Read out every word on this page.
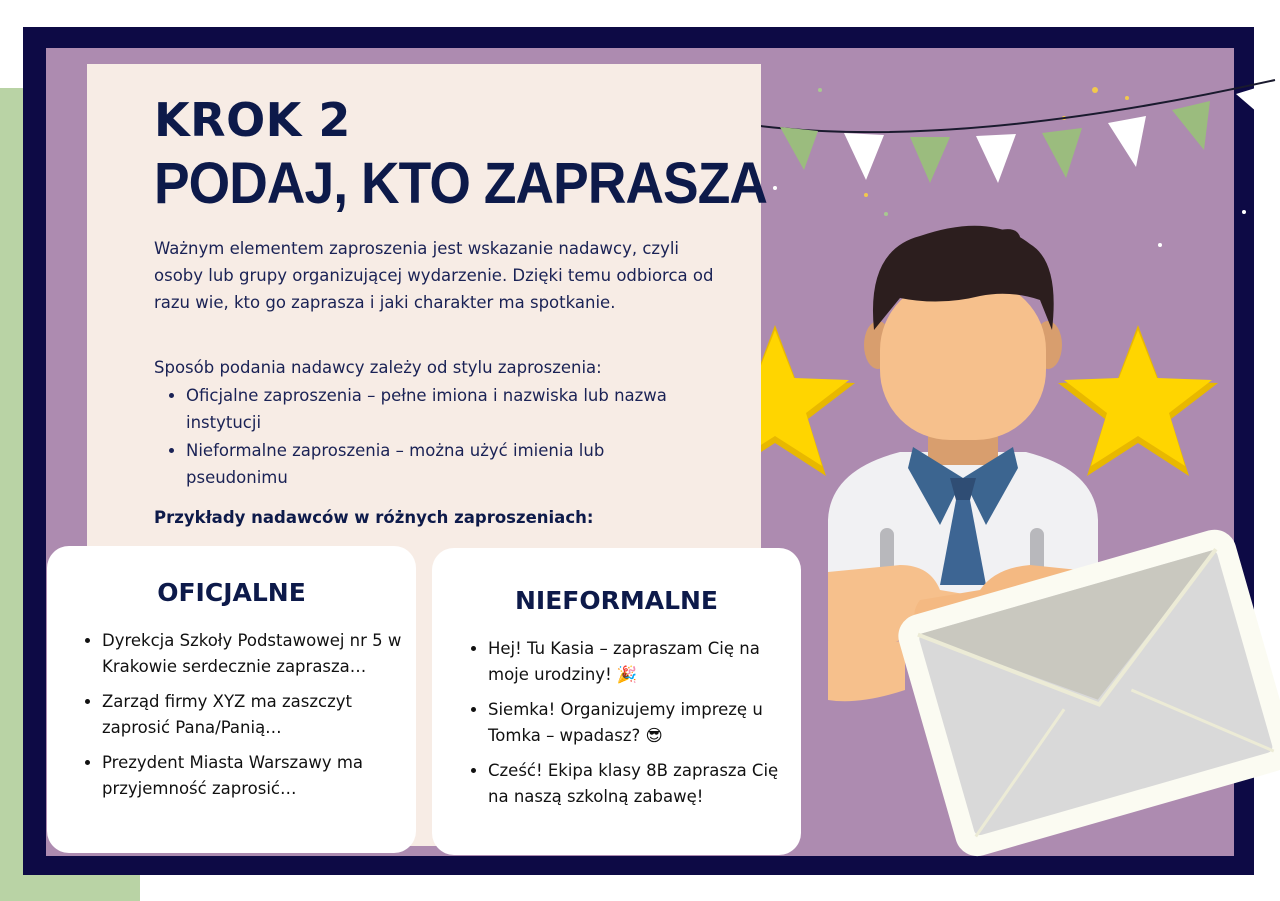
KROK 2
PODAJ, KTO ZAPRASZA

Ważnym elementem zaproszenia jest wskazanie nadawcy, czyli osoby lub grupy organizującej wydarzenie. Dzięki temu odbiorca od razu wie, kto go zaprasza i jaki charakter ma spotkanie.

Sposób podania nadawcy zależy od stylu zaproszenia:

• Oficjalne zaproszenia – pełne imiona i nazwiska lub nazwa instytucji
• Nieformalne zaproszenia – można użyć imienia lub pseudonimu

Przykłady nadawców w różnych zaproszeniach:

OFICJALNE
• Dyrekcja Szkoły Podstawowej nr 5 w Krakowie serdecznie zaprasza…
• Zarząd firmy XYZ ma zaszczyt zaprosić Pana/Panią…
• Prezydent Miasta Warszawy ma przyjemność zaprosić…
NIEFORMALNE
• Hej! Tu Kasia – zapraszam Cię na moje urodziny! 🎉
• Siemka! Organizujemy imprezę u Tomka – wpadasz? 😎
• Cześć! Ekipa klasy 8B zaprasza Cię na naszą szkolną zabawę!
